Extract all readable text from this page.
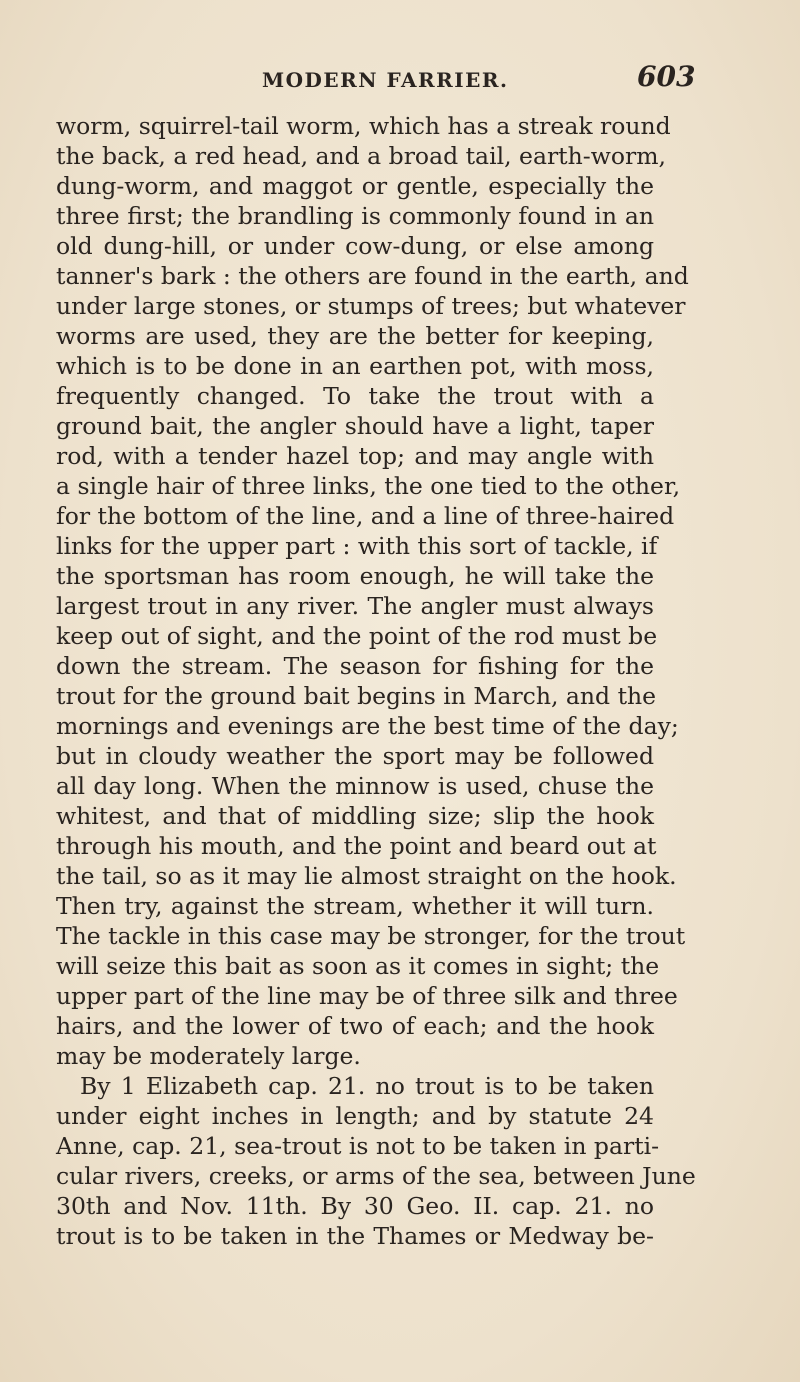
MODERN FARRIER.	603
worm, squirrel-tail worm, which has a streak round
the back, a red head, and a broad tail, earth-worm,
dung-worm, and maggot or gentle, especially the
three first; the brandling is commonly found in an
old dung-hill, or under cow-dung, or else among
tanner's bark : the others are found in the earth, and
under large stones, or stumps of trees; but whatever
worms are used, they are the better for keeping,
which is to be done in an earthen pot, with moss,
frequently changed. To take the trout with a
ground bait, the angler should have a light, taper
rod, with a tender hazel top; and may angle with
a single hair of three links, the one tied to the other,
for the bottom of the line, and a line of three-haired
links for the upper part : with this sort of tackle, if
the sportsman has room enough, he will take the
largest trout in any river. The angler must always
keep out of sight, and the point of the rod must be
down the stream. The season for fishing for the
trout for the ground bait begins in March, and the
mornings and evenings are the best time of the day;
but in cloudy weather the sport may be followed
all day long. When the minnow is used, chuse the
whitest, and that of middling size; slip the hook
through his mouth, and the point and beard out at
the tail, so as it may lie almost straight on the hook.
Then try, against the stream, whether it will turn.
The tackle in this case may be stronger, for the trout
will seize this bait as soon as it comes in sight; the
upper part of the line may be of three silk and three
hairs, and the lower of two of each; and the hook
may be moderately large.
By 1 Elizabeth cap. 21. no trout is to be taken
under eight inches in length; and by statute 24
Anne, cap. 21, sea-trout is not to be taken in parti-
cular rivers, creeks, or arms of the sea, between June
30th and Nov. 11th. By 30 Geo. II. cap. 21. no
trout is to be taken in the Thames or Medway be-
